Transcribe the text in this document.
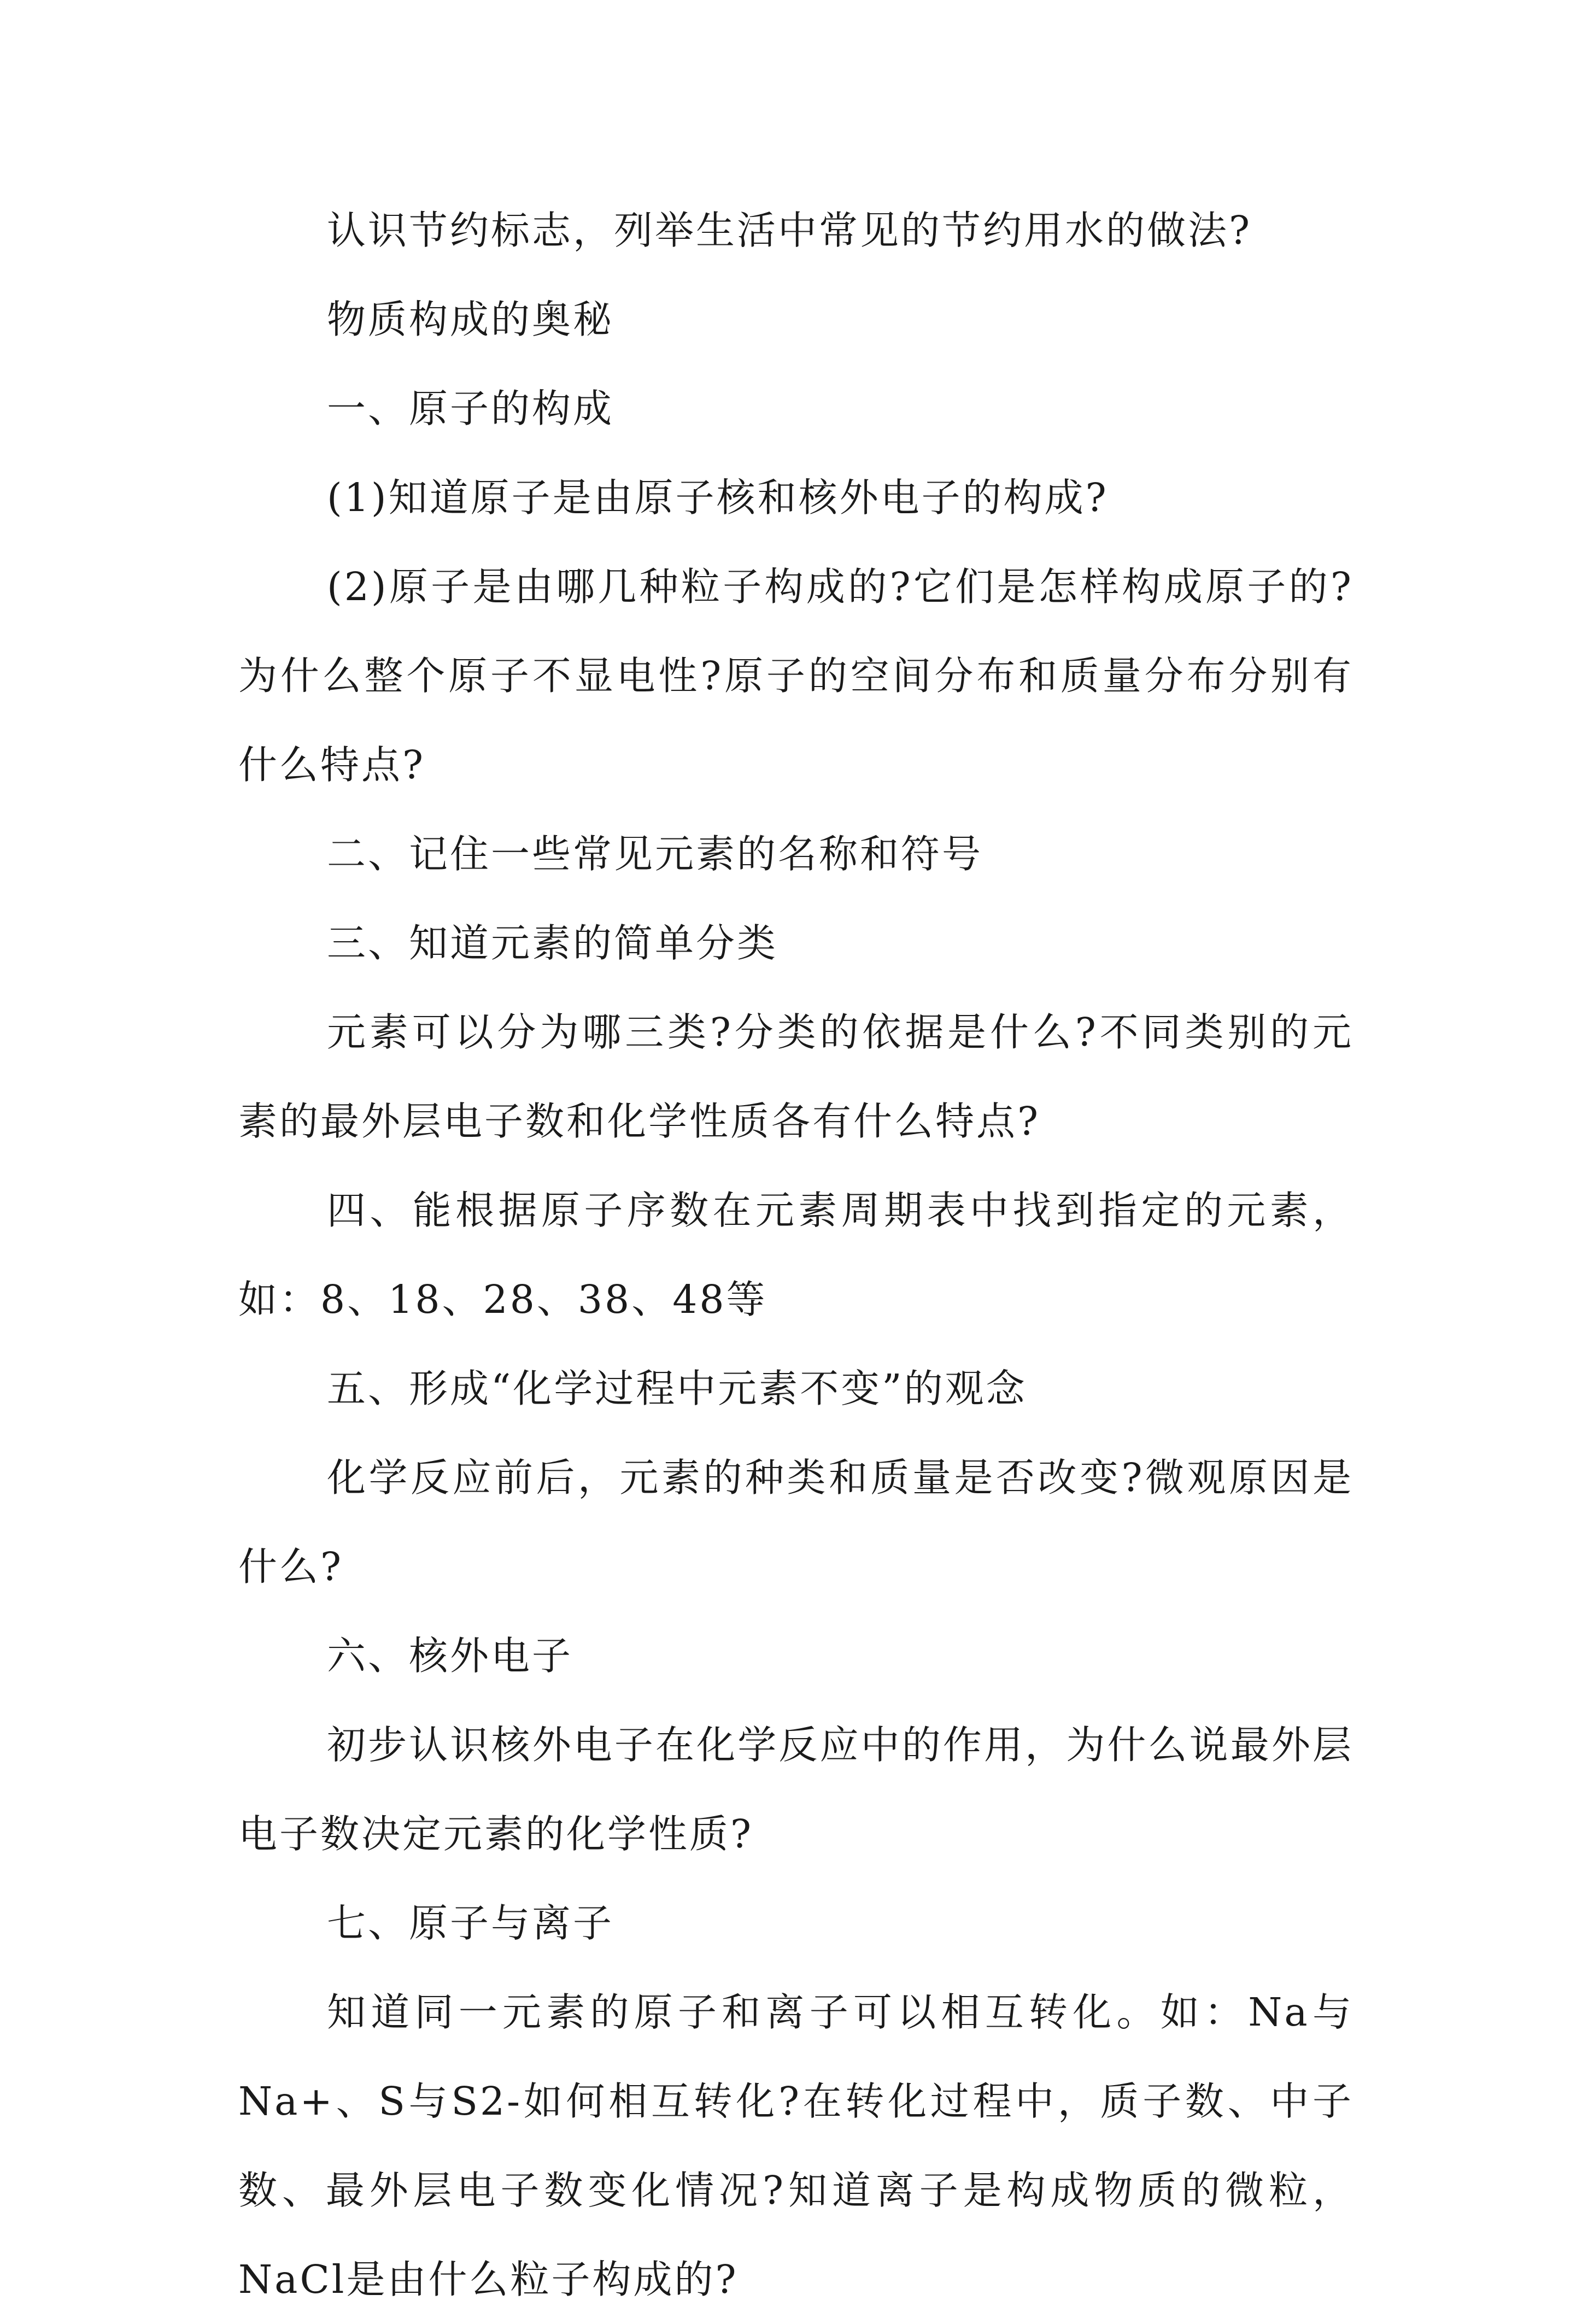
认识节约标志，列举生活中常见的节约用水的做法?

物质构成的奥秘

一、原子的构成

(1)知道原子是由原子核和核外电子的构成?

(2)原子是由哪几种粒子构成的?它们是怎样构成原子的?为什么整个原子不显电性?原子的空间分布和质量分布分别有什么特点?

二、记住一些常见元素的名称和符号

三、知道元素的简单分类

元素可以分为哪三类?分类的依据是什么?不同类别的元素的最外层电子数和化学性质各有什么特点?

四、能根据原子序数在元素周期表中找到指定的元素，如：8、18、28、38、48等

五、形成“化学过程中元素不变”的观念

化学反应前后，元素的种类和质量是否改变?微观原因是什么?

六、核外电子

初步认识核外电子在化学反应中的作用，为什么说最外层电子数决定元素的化学性质?

七、原子与离子

知道同一元素的原子和离子可以相互转化。如：Na与Na+、S与S2-如何相互转化?在转化过程中，质子数、中子数、最外层电子数变化情况?知道离子是构成物质的微粒，NaCl是由什么粒子构成的?
